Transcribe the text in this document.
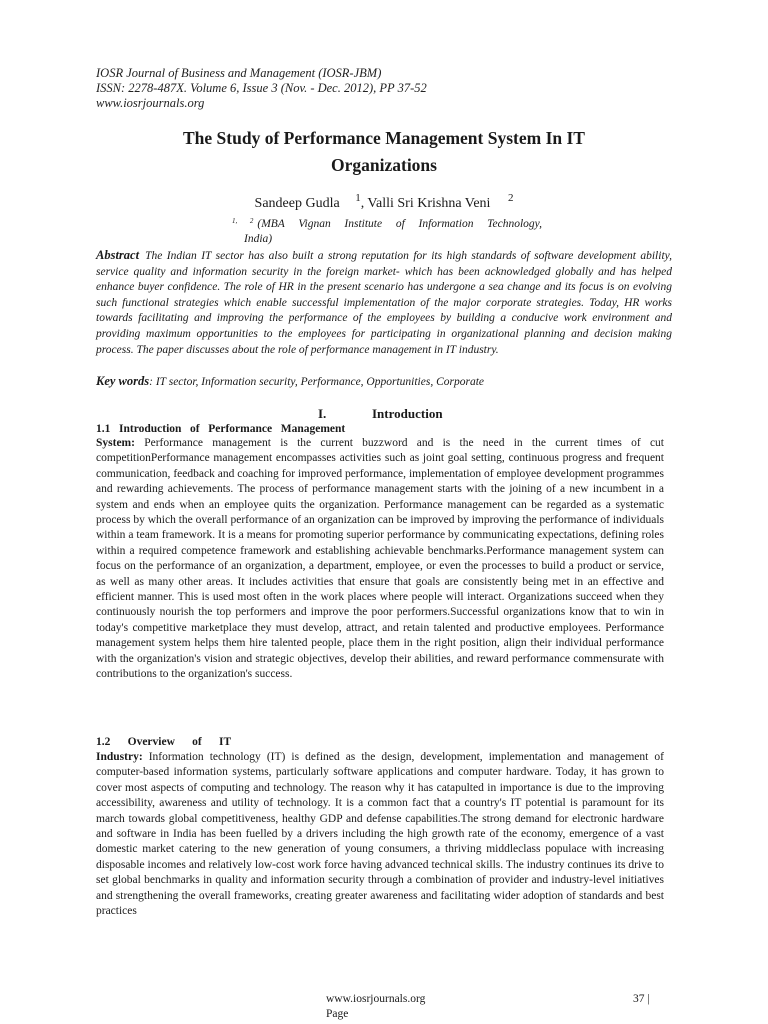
IOSR Journal of Business and Management (IOSR-JBM)
ISSN: 2278-487X. Volume 6, Issue 3 (Nov. - Dec. 2012), PP 37-52
www.iosrjournals.org
The Study of Performance Management System In IT
Organizations
Sandeep Gudla $^1$, Valli Sri Krishna Veni $^2$
$^{1, 2}$ (MBA Vignan Institute of Information Technology,
India)
Abstract The Indian IT sector has also built a strong reputation for its high standards of software development ability, service quality and information security in the foreign market- which has been acknowledged globally and has helped enhance buyer confidence. The role of HR in the present scenario has undergone a sea change and its focus is on evolving such functional strategies which enable successful implementation of the major corporate strategies. Today, HR works towards facilitating and improving the performance of the employees by building a conducive work environment and providing maximum opportunities to the employees for participating in organizational planning and decision making process. The paper discusses about the role of performance management in IT industry.
Key words: IT sector, Information security, Performance, Opportunities, Corporate
I.	Introduction
1.1   Introduction   of   Performance   Management
System: Performance management is the current buzzword and is the need in the current times of cut competitionPerformance management encompasses activities such as joint goal setting, continuous progress and frequent communication, feedback and coaching for improved performance, implementation of employee development programmes and rewarding achievements. The process of performance management starts with the joining of a new incumbent in a system and ends when an employee quits the organization. Performance management can be regarded as a systematic process by which the overall performance of an organization can be improved by improving the performance of individuals within a team framework. It is a means for promoting superior performance by communicating expectations, defining roles within a required competence framework and establishing achievable benchmarks.Performance management system can focus on the performance of an organization, a department, employee, or even the processes to build a product or service, as well as many other areas. It includes activities that ensure that goals are consistently being met in an effective and efficient manner. This is used most often in the work places where people will interact. Organizations succeed when they continuously nourish the top performers and improve the poor performers.Successful organizations know that to win in today's competitive marketplace they must develop, attract, and retain talented and productive employees. Performance management system helps them hire talented people, place them in the right position, align their individual performance with the organization's vision and strategic objectives, develop their abilities, and reward performance commensurate with contributions to the organization's success.
1.2      Overview      of      IT
Industry: Information technology (IT) is defined as the design, development, implementation and management of computer-based information systems, particularly software applications and computer hardware. Today, it has grown to cover most aspects of computing and technology. The reason why it has catapulted in importance is due to the improving accessibility, awareness and utility of technology. It is a common fact that a country's IT potential is paramount for its march towards global competitiveness, healthy GDP and defense capabilities.The strong demand for electronic hardware and software in India has been fuelled by a drivers including the high growth rate of the economy, emergence of a vast domestic market catering to the new generation of young consumers, a thriving middleclass populace with increasing disposable incomes and relatively low-cost work force having advanced technical skills. The industry continues its drive to set global benchmarks in quality and information security through a combination of provider and industry-level initiatives and strengthening the overall frameworks, creating greater awareness and facilitating wider adoption of standards and best practices
www.iosrjournals.org
Page
37 |
